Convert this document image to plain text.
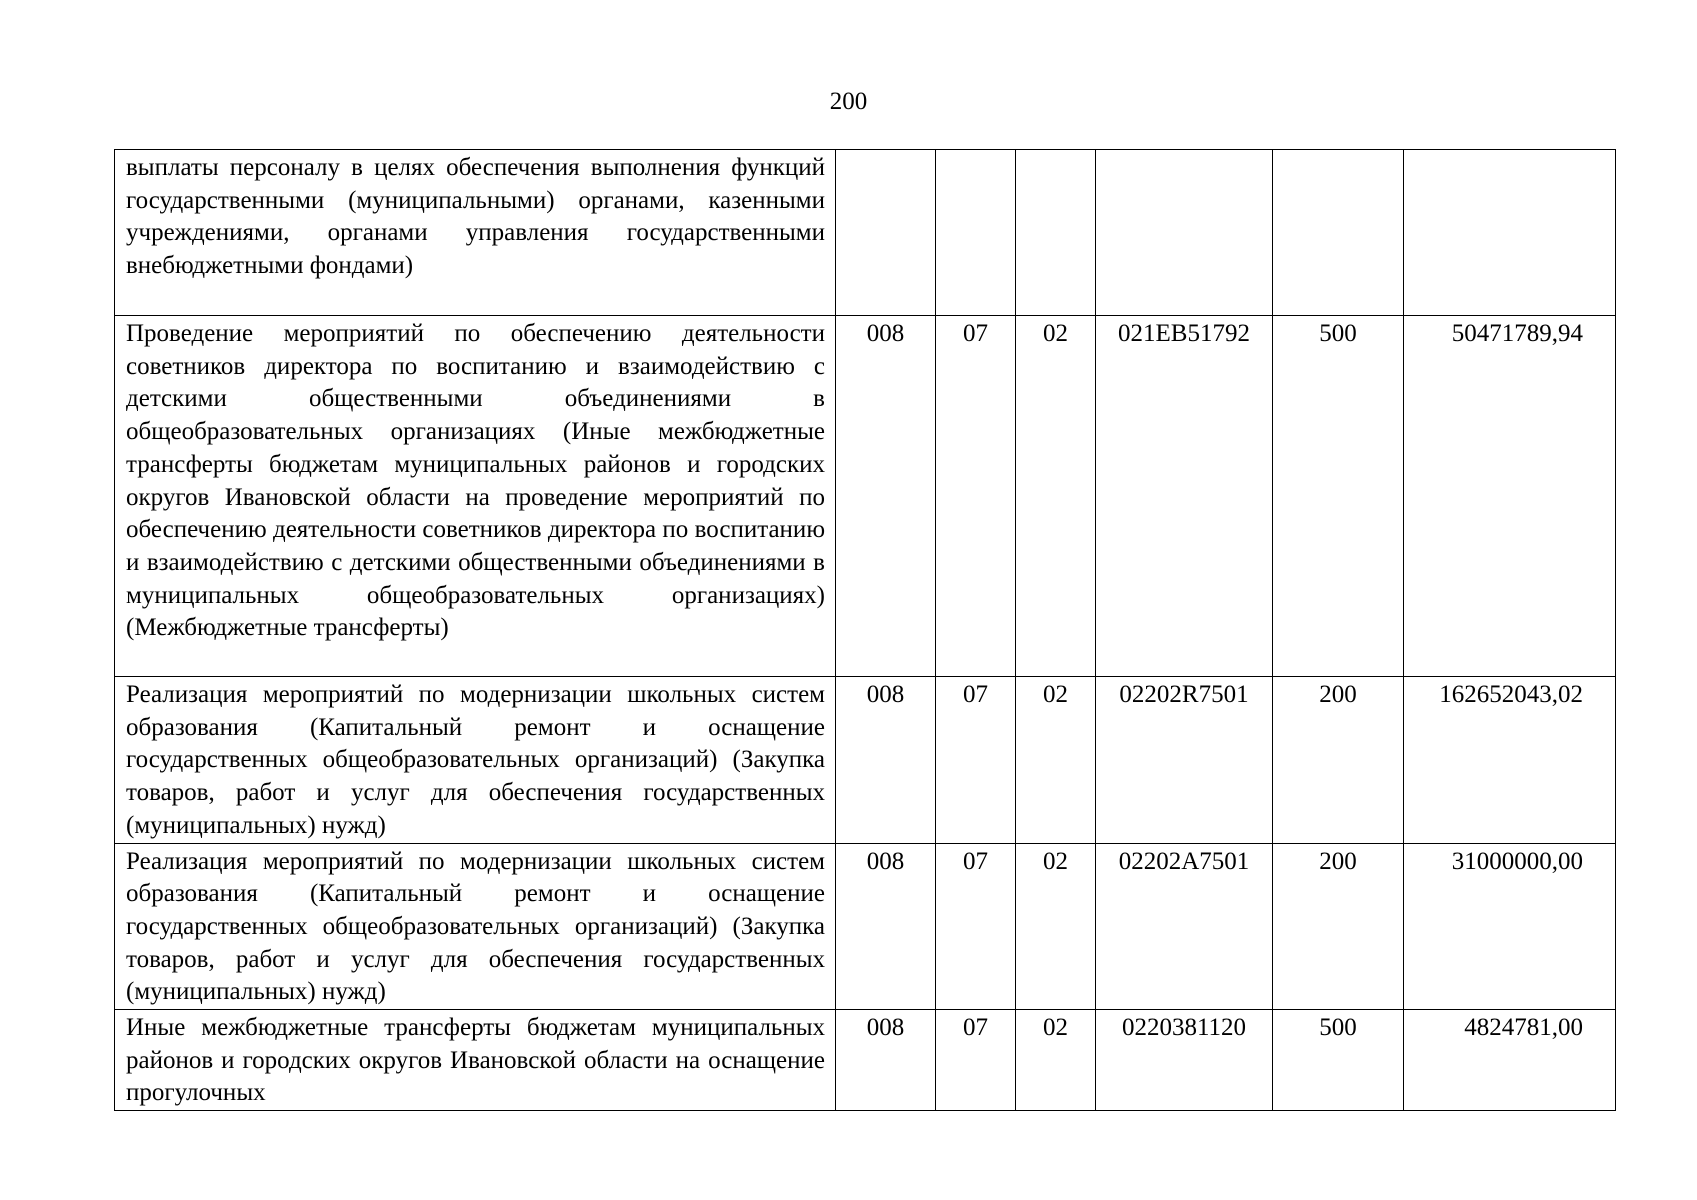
200
выплаты персоналу в целях обеспечения выполнения функций государственными (муниципальными) органами, казенными учреждениями, органами управления государственными внебюджетными фондами)						
Проведение мероприятий по обеспечению деятельности советников директора по воспитанию и взаимодействию с детскими общественными объединениями в общеобразовательных организациях (Иные межбюджетные трансферты бюджетам муниципальных районов и городских округов Ивановской области на проведение мероприятий по обеспечению деятельности советников директора по воспитанию и взаимодействию с детскими общественными объединениями в муниципальных общеобразовательных организациях) (Межбюджетные трансферты)	008	07	02	021EB51792	500	50471789,94
Реализация мероприятий по модернизации школьных систем образования (Капитальный ремонт и оснащение государственных общеобразовательных организаций) (Закупка товаров, работ и услуг для обеспечения государственных (муниципальных) нужд)	008	07	02	02202R7501	200	162652043,02
Реализация мероприятий по модернизации школьных систем образования (Капитальный ремонт и оснащение государственных общеобразовательных организаций) (Закупка товаров, работ и услуг для обеспечения государственных (муниципальных) нужд)	008	07	02	02202A7501	200	31000000,00
Иные межбюджетные трансферты бюджетам муниципальных районов и городских округов Ивановской области на оснащение прогулочных	008	07	02	0220381120	500	4824781,00
